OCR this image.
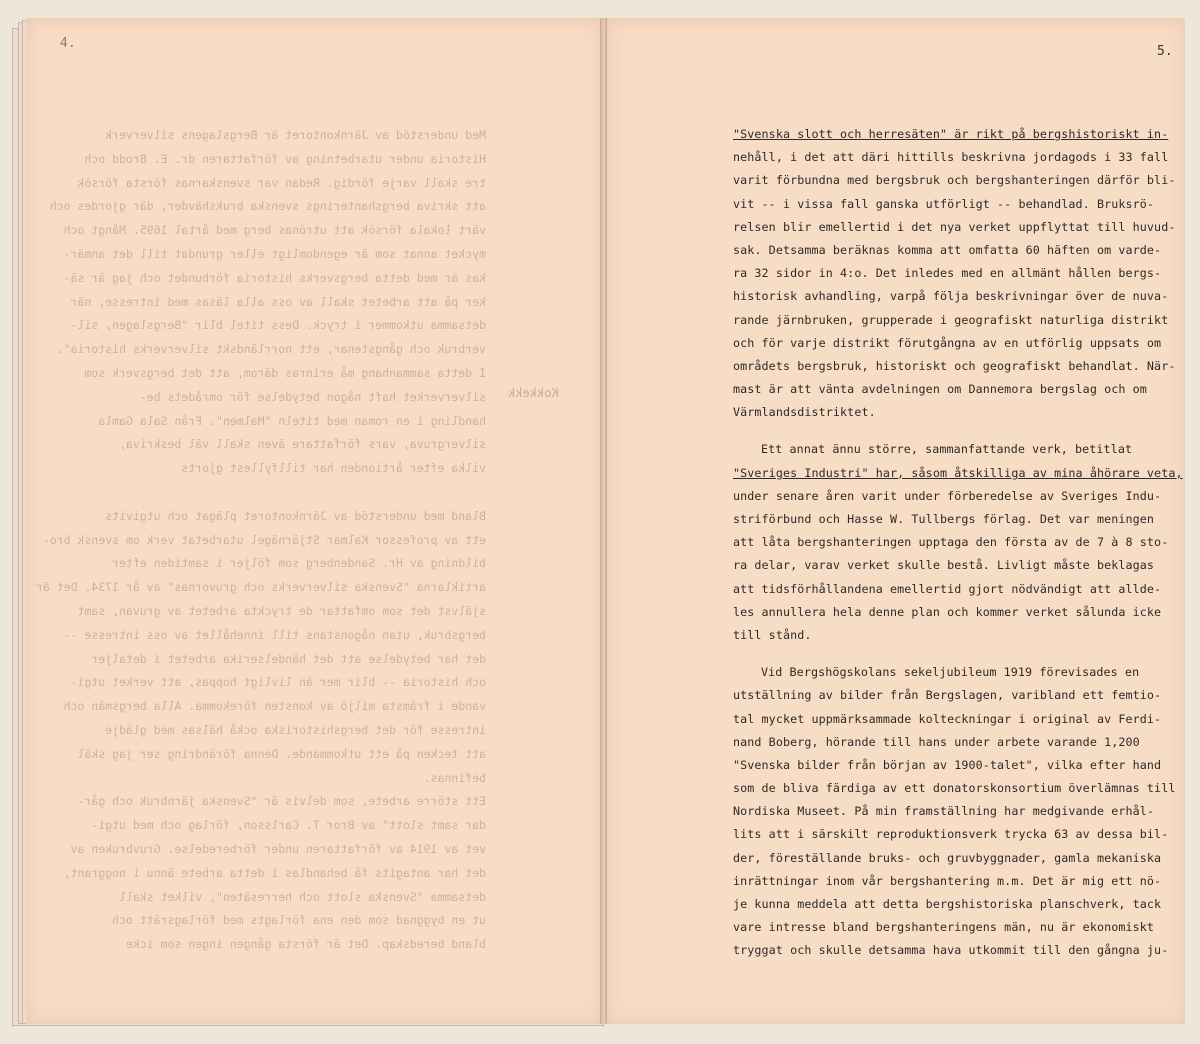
4.
Med understöd av Järnkontoret är Bergslagens silververk
Historia under utarbetning av författaren dr. E. Brodd och
tre skall varje fördig. Redan var svenskarnas första försök
att skriva bergshanterings svenska brukshävder, där gjordes och
värt lokala försök att utrönas berg med årtal 1695. Mångt och
mycket annat som är egendomligt eller grundat till det anmär-
kas är med detta bergsverks historia förbundet och jag är sä-
ker på att arbetet skall av oss alla läsas med intresse, när
detsamma utkommer i tryck. Dess titel blir "Bergslagen, sil-
verbruk och gångstenar, ett norrländskt silververks historia".
I detta sammanhang må erinras därom, att det bergsverk som
silververket haft någon betydelse för områdets be-
handling i en roman med titeln "Malmen". Från Sala Gamla
silvergruva, vars författare även skall väl beskriva,
vilka efter årtionden har tillfyllest gjorts
Bland med understöd av Järnkontoret plägat och utgivits
ett av professor Kalmar Stjärnägel utarbetat verk om svensk bro-
bildning av Hr. Sandenberg som följer i samtiden efter
artiklarna "Svenska silververks och gruvornas" av år 1734. Det är
självst det som omfattar de tryckta arbetet av gruvan, samt
bergsbruk, utan någonstans till innehållet av oss intresse --
det har betydelse att det händelserika arbetet i detaljer
och historia -- blir mer än livligt hoppas, att verket utgi-
vande i främsta miljö av konsten förekomma. Alla bergsmän och
intresse för det bergshistoriska ockå hälsas med glädje
att tecken på ett utkommande. Denna förändring ser jag skäl
befinnas.
Ett större arbete, som delvis är "Svenska järnbruk och går-
dar samt slott" av Bror T. Carlsson, förlag och med utgi-
vet av 1914 av författaren under förberedelse. Gruvbruken av
det har antagits få behandlas i detta arbete ännu i noggrant,
detsamma "Svenska slott och herresäten", vilket skall
ut en byggnad som den ena förlagts med förlagsrätt och
bland beredskap. Det är första gången ingen som icke
Kokkekk
5.
"Svenska slott och herresäten" är rikt på bergshistoriskt in-
nehåll, i det att däri hittills beskrivna jordagods i 33 fall
varit förbundna med bergsbruk och bergshanteringen därför bli-
vit -- i vissa fall ganska utförligt -- behandlad. Bruksrö-
relsen blir emellertid i det nya verket uppflyttat till huvud-
sak. Detsamma beräknas komma att omfatta 60 häften om varde-
ra 32 sidor in 4:o. Det inledes med en allmänt hållen bergs-
historisk avhandling, varpå följa beskrivningar över de nuva-
rande järnbruken, grupperade i geografiskt naturliga distrikt
och för varje distrikt förutgångna av en utförlig uppsats om
områdets bergsbruk, historiskt och geografiskt behandlat. När-
mast är att vänta avdelningen om Dannemora bergslag och om
Värmlandsdistriktet.
Ett annat ännu större, sammanfattande verk, betitlat
"Sveriges Industri" har, såsom åtskilliga av mina åhörare veta,
under senare åren varit under förberedelse av Sveriges Indu-
striförbund och Hasse W. Tullbergs förlag. Det var meningen
att låta bergshanteringen upptaga den första av de 7 à 8 sto-
ra delar, varav verket skulle bestå. Livligt måste beklagas
att tidsförhållandena emellertid gjort nödvändigt att allde-
les annullera hela denne plan och kommer verket sålunda icke
till stånd.
Vid Bergshögskolans sekeljubileum 1919 förevisades en
utställning av bilder från Bergslagen, varibland ett femtio-
tal mycket uppmärksammade kolteckningar i original av Ferdi-
nand Boberg, hörande till hans under arbete varande 1,200
"Svenska bilder från början av 1900-talet", vilka efter hand
som de bliva färdiga av ett donatorskonsortium överlämnas till
Nordiska Museet. På min framställning har medgivande erhål-
lits att i särskilt reproduktionsverk trycka 63 av dessa bil-
der, föreställande bruks- och gruvbyggnader, gamla mekaniska
inrättningar inom vår bergshantering m.m. Det är mig ett nö-
je kunna meddela att detta bergshistoriska planschverk, tack
vare intresse bland bergshanteringens män, nu är ekonomiskt
tryggat och skulle detsamma hava utkommit till den gångna ju-
